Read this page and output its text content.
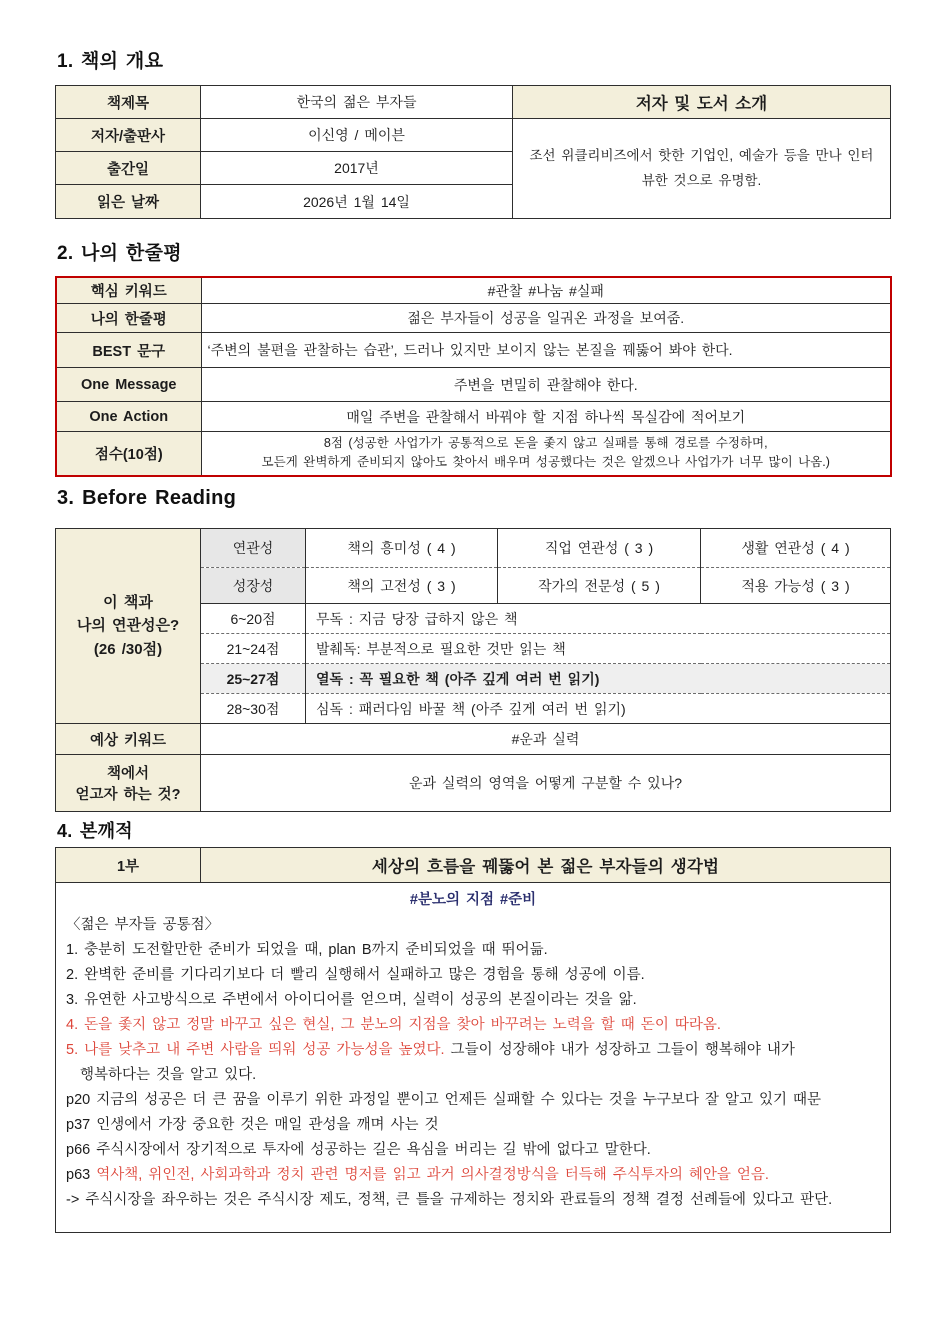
1. 책의 개요
책제목	한국의 젊은 부자들	저자 및 도서 소개
저자/출판사	이신영 / 메이븐	조선 위클리비즈에서 핫한 기업인, 예술가 등을 만나 인터뷰한 것으로 유명함.
출간일	2017년	
읽은 날짜	2026년 1월 14일	
2. 나의 한줄평
핵심 키워드	#관찰 #나눔 #실패
나의 한줄평	젊은 부자들이 성공을 일궈온 과정을 보여줌.
BEST 문구	‘주변의 불편을 관찰하는 습관’, 드러나 있지만 보이지 않는 본질을 꿰뚫어 봐야 한다.
One Message	주변을 면밀히 관찰해야 한다.
One Action	매일 주변을 관찰해서 바꿔야 할 지점 하나씩 목실감에 적어보기
점수(10점)	8점 (성공한 사업가가 공통적으로 돈을 좇지 않고 실패를 통해 경로를 수정하며,
모든게 완벽하게 준비되지 않아도 찾아서 배우며 성공했다는 것은 알겠으나 사업가가 너무 많이 나옴.)
3. Before Reading
이 책과
나의 연관성은?
(26 /30점)	연관성	책의 흥미성 ( 4 )	직업 연관성 ( 3 )	생활 연관성 ( 4 )
	성장성	책의 고전성 ( 3 )	작가의 전문성 ( 5 )	적용 가능성 ( 3 )
	6~20점	무독 : 지금 당장 급하지 않은 책		
	21~24점	발췌독: 부분적으로 필요한 것만 읽는 책		
	25~27점	열독 : 꼭 필요한 책 (아주 깊게 여러 번 읽기)		
	28~30점	심독 : 패러다임 바꿀 책 (아주 깊게 여러 번 읽기)		
예상 키워드	#운과 실력			

책에서
얻고자 하는 것?	운과 실력의 영역을 어떻게 구분할 수 있나?			
4. 본깨적
1부	세상의 흐름을 꿰뚫어 본 젊은 부자들의 생각법

#분노의 지점 #준비
〈젊은 부자들 공통점〉
1. 충분히 도전할만한 준비가 되었을 때, plan B까지 준비되었을 때 뛰어듦.
2. 완벽한 준비를 기다리기보다 더 빨리 실행해서 실패하고 많은 경험을 통해 성공에 이름.
3. 유연한 사고방식으로 주변에서 아이디어를 얻으며, 실력이 성공의 본질이라는 것을 앎.
4. 돈을 좇지 않고 정말 바꾸고 싶은 현실, 그 분노의 지점을 찾아 바꾸려는 노력을 할 때 돈이 따라옴.
5. 나를 낮추고 내 주변 사람을 띄워 성공 가능성을 높였다. 그들이 성장해야 내가 성장하고 그들이 행복해야 내가
행복하다는 것을 알고 있다.
p20 지금의 성공은 더 큰 꿈을 이루기 위한 과정일 뿐이고 언제든 실패할 수 있다는 것을 누구보다 잘 알고 있기 때문
p37 인생에서 가장 중요한 것은 매일 관성을 깨며 사는 것
p66 주식시장에서 장기적으로 투자에 성공하는 길은 욕심을 버리는 길 밖에 없다고 말한다.
p63 역사책, 위인전, 사회과학과 정치 관련 명저를 읽고 과거 의사결정방식을 터득해 주식투자의 혜안을 얻음.
-> 주식시장을 좌우하는 것은 주식시장 제도, 정책, 큰 틀을 규제하는 정치와 관료들의 정책 결정 선례들에 있다고 판단.
